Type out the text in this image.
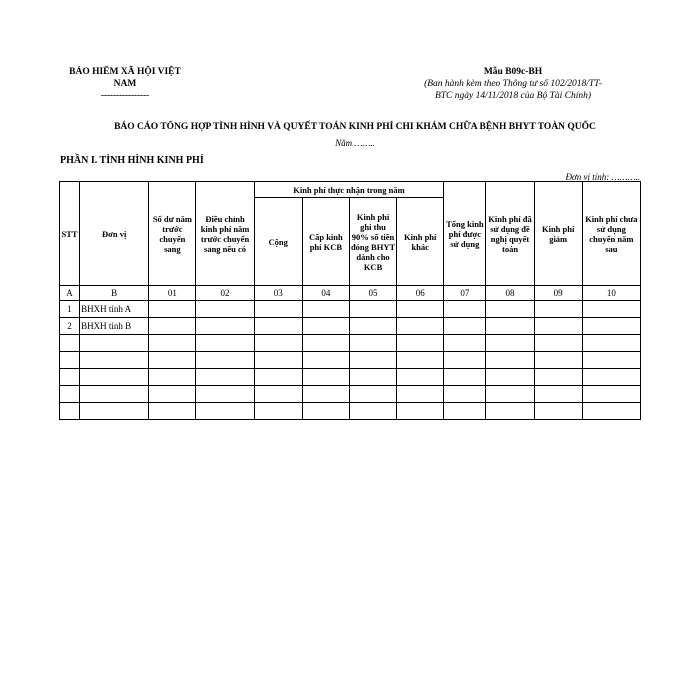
BẢO HIỂM XÃ HỘI VIỆT
NAM
----------------
Mẫu B09c-BH
(Ban hành kèm theo Thông tư số 102/2018/TT-
BTC ngày 14/11/2018 của Bộ Tài Chính)
BÁO CÁO TỔNG HỢP TÌNH HÌNH VÀ QUYẾT TOÁN KINH PHÍ CHI KHÁM CHỮA BỆNH BHYT TOÀN QUỐC
Năm ……..
PHẦN I. TÌNH HÌNH KINH PHÍ
Đơn vị tính: ………..
STT	Đơn vị	Số dư năm trước chuyển sang	Điều chỉnh kinh phí năm trước chuyển sang nếu có	Kinh phí thực nhận trong năm				Tổng kinh phí được sử dụng	Kinh phí đã sử dụng đề nghị quyết toán	Kinh phí giảm	Kinh phí chưa sử dụng chuyển năm sau
				Cộng	Cấp kinh phí KCB	Kinh phí ghi thu 90% số tiền đóng BHYT dành cho KCB	Kinh phí khác				
A	B	01	02	03	04	05	06	07	08	09	10
1	BHXH tỉnh A										
2	BHXH tỉnh B										
